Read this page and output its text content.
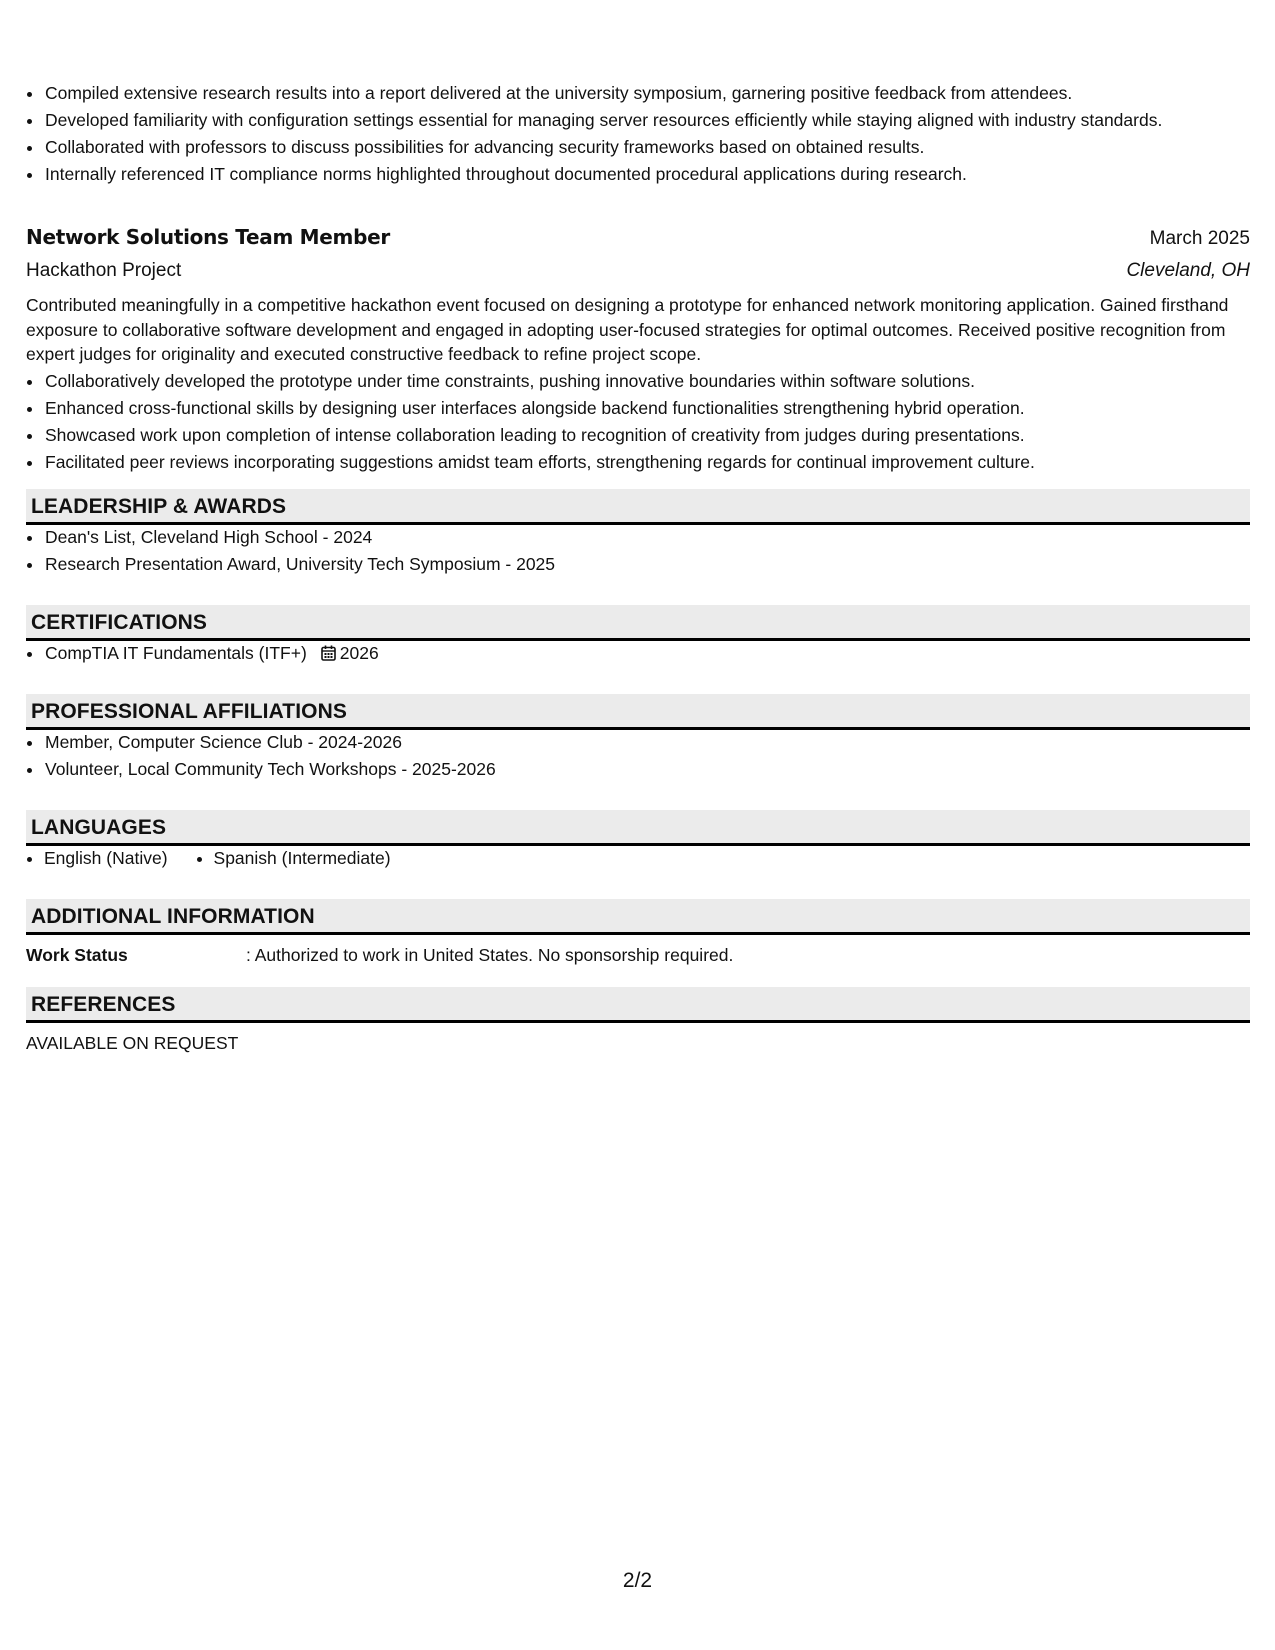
• Compiled extensive research results into a report delivered at the university symposium, garnering positive feedback from attendees.
• Developed familiarity with configuration settings essential for managing server resources efficiently while staying aligned with industry standards.
• Collaborated with professors to discuss possibilities for advancing security frameworks based on obtained results.
• Internally referenced IT compliance norms highlighted throughout documented procedural applications during research.
Network Solutions Team Member	March 2025
Hackathon Project	Cleveland, OH
Contributed meaningfully in a competitive hackathon event focused on designing a prototype for enhanced network monitoring application. Gained firsthand exposure to collaborative software development and engaged in adopting user-focused strategies for optimal outcomes. Received positive recognition from expert judges for originality and executed constructive feedback to refine project scope.
• Collaboratively developed the prototype under time constraints, pushing innovative boundaries within software solutions.
• Enhanced cross-functional skills by designing user interfaces alongside backend functionalities strengthening hybrid operation.
• Showcased work upon completion of intense collaboration leading to recognition of creativity from judges during presentations.
• Facilitated peer reviews incorporating suggestions amidst team efforts, strengthening regards for continual improvement culture.
LEADERSHIP & AWARDS
• Dean's List, Cleveland High School - 2024
• Research Presentation Award, University Tech Symposium - 2025
CERTIFICATIONS
• CompTIA IT Fundamentals (ITF+) 2026
PROFESSIONAL AFFILIATIONS
• Member, Computer Science Club - 2024-2026
• Volunteer, Local Community Tech Workshops - 2025-2026
LANGUAGES
• English (Native)
•	Spanish (Intermediate)
ADDITIONAL INFORMATION
Work Status	: Authorized to work in United States. No sponsorship required.
REFERENCES
AVAILABLE ON REQUEST
2/2
